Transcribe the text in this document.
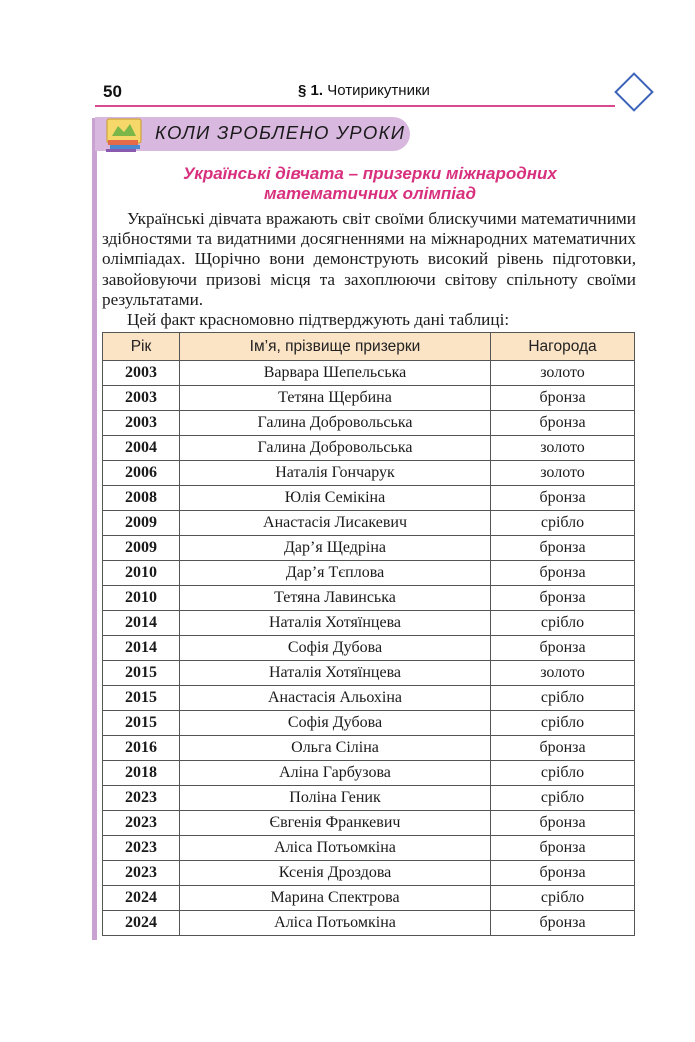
50	§ 1. Чотирикутники
КОЛИ ЗРОБЛЕНО УРОКИ
Українські дівчата – призерки міжнародних
математичних олімпіад

Українські дівчата вражають світ своїми блискучими математичними здібностями та видатними досягненнями на міжнародних математичних олімпіадах. Щорічно вони демонструють високий рівень підготовки, завойовуючи призові місця та захоплюючи світову спільноту своїми результатами.

Цей факт красномовно підтверджують дані таблиці:

Рік	Ім’я, прізвище призерки	Нагорода
2003	Варвара Шепельська	золото
2003	Тетяна Щербина	бронза
2003	Галина Добровольська	бронза
2004	Галина Добровольська	золото
2006	Наталія Гончарук	золото
2008	Юлія Семікіна	бронза
2009	Анастасія Лисакевич	срібло
2009	Дар’я Щедріна	бронза
2010	Дар’я Тєплова	бронза
2010	Тетяна Лавинська	бронза
2014	Наталія Хотяїнцева	срібло
2014	Софія Дубова	бронза
2015	Наталія Хотяїнцева	золото
2015	Анастасія Альохіна	срібло
2015	Софія Дубова	срібло
2016	Ольга Сіліна	бронза
2018	Аліна Гарбузова	срібло
2023	Поліна Геник	срібло
2023	Євгенія Франкевич	бронза
2023	Аліса Потьомкіна	бронза
2023	Ксенія Дроздова	бронза
2024	Марина Спектрова	срібло
2024	Аліса Потьомкіна	бронза
